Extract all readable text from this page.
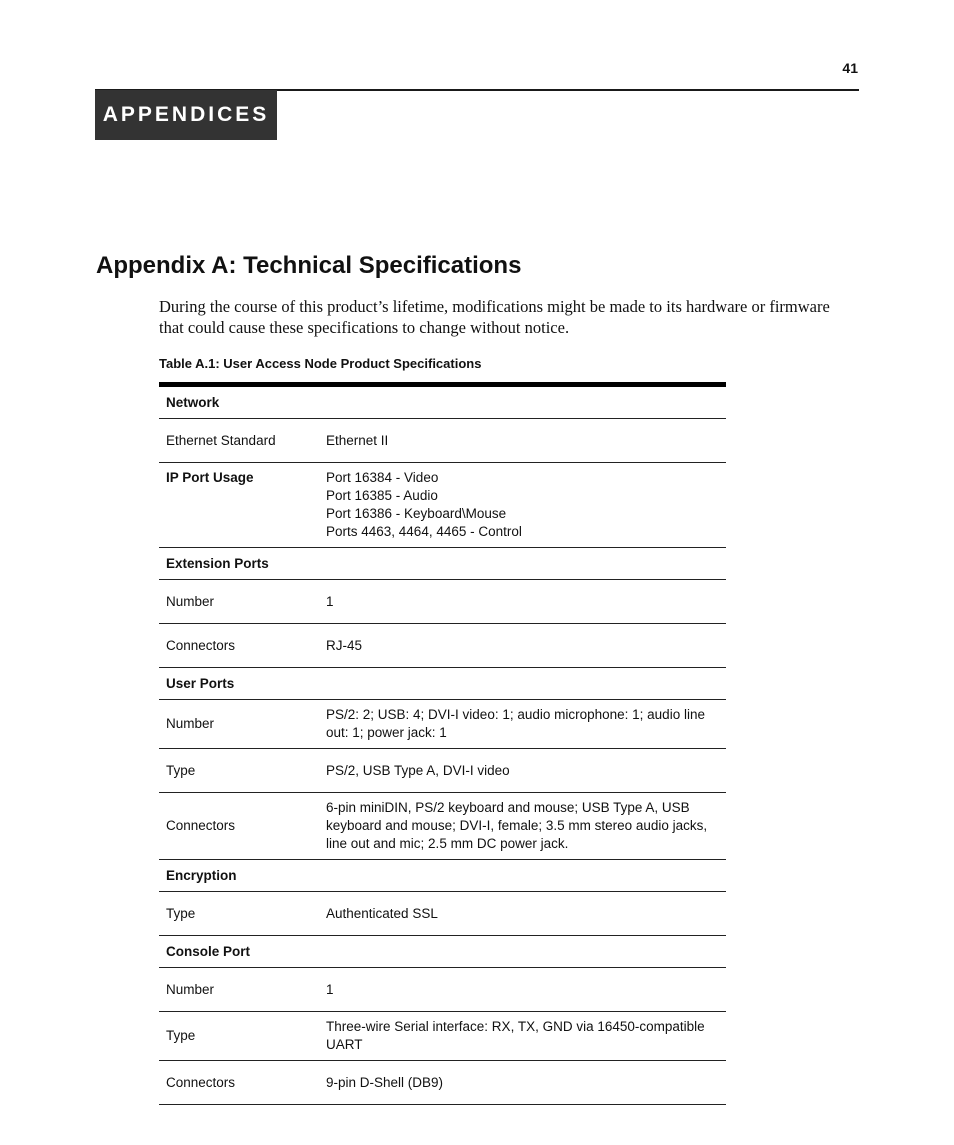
41
APPENDICES
Appendix A: Technical Specifications

During the course of this product’s lifetime, modifications might be made to its hardware or firmware that could cause these specifications to change without notice.

Table A.1: User Access Node Product Specifications
Network	
Ethernet Standard	Ethernet II

IP Port Usage	Port 16384 - Video
Port 16385 - Audio
Port 16386 - Keyboard\Mouse
Ports 4463, 4464, 4465 - Control

Extension Ports	
Number	1

Connectors	RJ-45

User Ports	
Number	PS/2: 2; USB: 4; DVI-I video: 1; audio microphone: 1; audio line out: 1; power jack: 1

Type	PS/2, USB Type A, DVI-I video

Connectors	6-pin miniDIN, PS/2 keyboard and mouse; USB Type A, USB keyboard and mouse; DVI-I, female; 3.5 mm stereo audio jacks, line out and mic; 2.5 mm DC power jack.

Encryption	
Type	Authenticated SSL

Console Port	
Number	1

Type	Three-wire Serial interface: RX, TX, GND via 16450-compatible UART

Connectors	9-pin D-Shell (DB9)
